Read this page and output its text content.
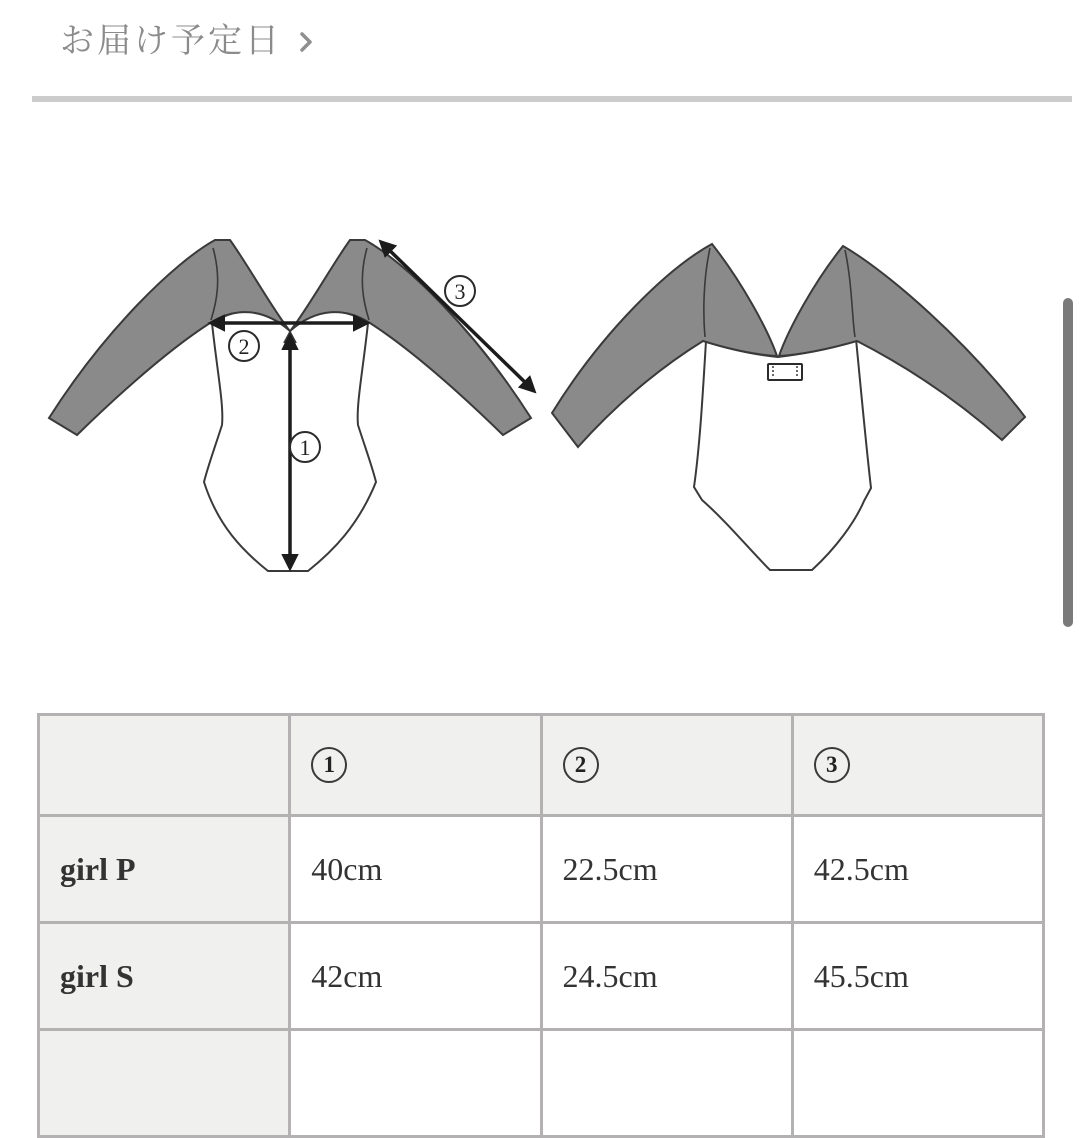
お届け予定日
2
1
3
	1	2	3
girl P	40cm	22.5cm	42.5cm
girl S	42cm	24.5cm	45.5cm
